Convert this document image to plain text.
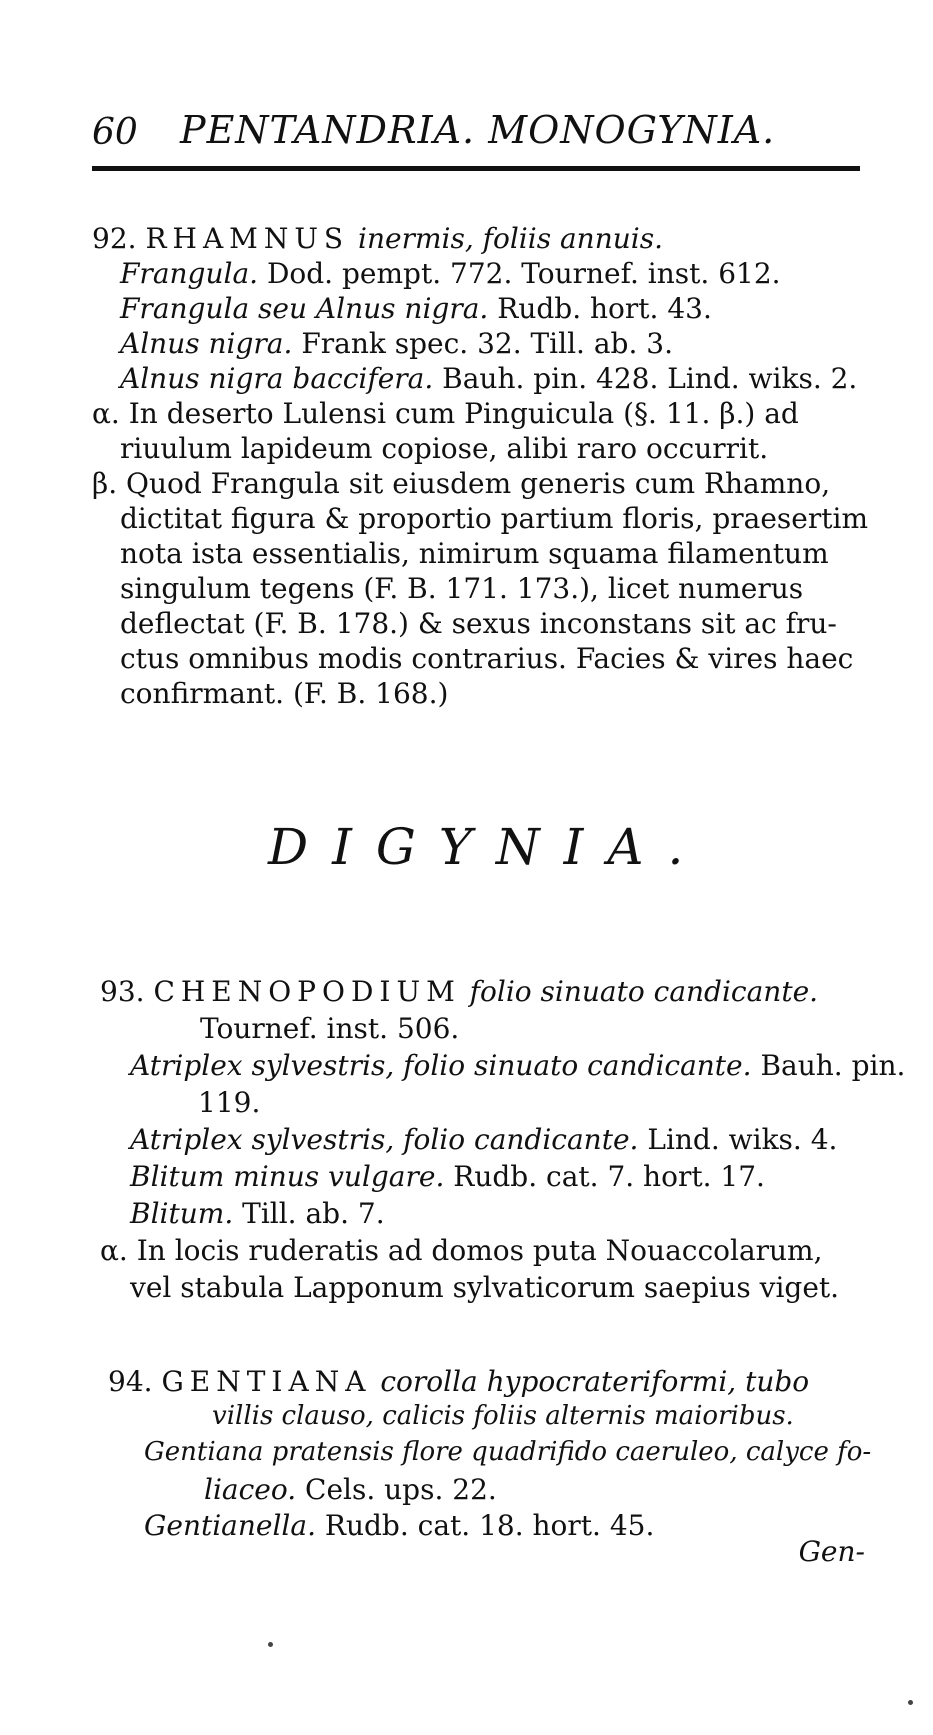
60 PENTANDRIA. MONOGYNIA.
92. RHAMNUS inermis, foliis annuis.
Frangula. Dod. pempt. 772. Tournef. inst. 612.
Frangula seu Alnus nigra. Rudb. hort. 43.
Alnus nigra. Frank spec. 32. Till. ab. 3.
Alnus nigra baccifera. Bauh. pin. 428. Lind. wiks. 2.
α. In deserto Lulensi cum Pinguicula (§. 11. β.) ad
riuulum lapideum copiose, alibi raro occurrit.
β. Quod Frangula sit eiusdem generis cum Rhamno,
dictitat figura & proportio partium floris, praesertim
nota ista essentialis, nimirum squama filamentum
singulum tegens (F. B. 171. 173.), licet numerus
deflectat (F. B. 178.) & sexus inconstans sit ac fru-
ctus omnibus modis contrarius. Facies & vires haec
confirmant. (F. B. 168.)
DIGYNIA.
93. CHENOPODIUM folio sinuato candicante.
Tournef. inst. 506.
Atriplex sylvestris, folio sinuato candicante. Bauh. pin.
119.
Atriplex sylvestris, folio candicante. Lind. wiks. 4.
Blitum minus vulgare. Rudb. cat. 7. hort. 17.
Blitum. Till. ab. 7.
α. In locis ruderatis ad domos puta Nouaccolarum,
vel stabula Lapponum sylvaticorum saepius viget.
94. GENTIANA corolla hypocrateriformi, tubo
villis clauso, calicis foliis alternis maioribus.
Gentiana pratensis flore quadrifido caeruleo, calyce fo-
liaceo. Cels. ups. 22.
Gentianella. Rudb. cat. 18. hort. 45.
Gen-
